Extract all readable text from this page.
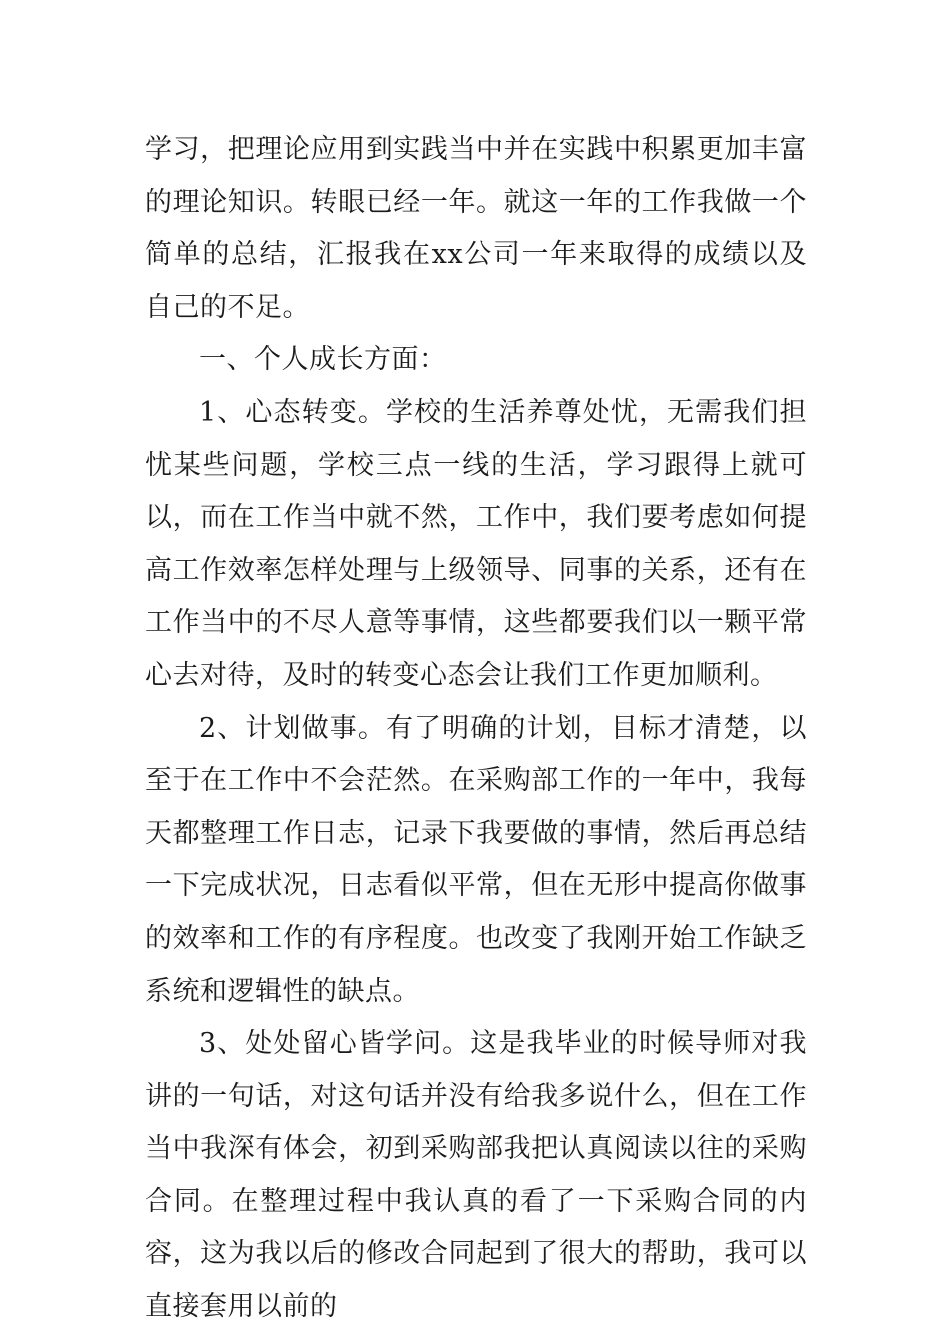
学习，把理论应用到实践当中并在实践中积累更加丰富的理论知识。转眼已经一年。就这一年的工作我做一个简单的总结，汇报我在xx公司一年来取得的成绩以及自己的不足。

一、个人成长方面：

1、心态转变。学校的生活养尊处忧，无需我们担忧某些问题，学校三点一线的生活，学习跟得上就可以，而在工作当中就不然，工作中，我们要考虑如何提高工作效率怎样处理与上级领导、同事的关系，还有在工作当中的不尽人意等事情，这些都要我们以一颗平常心去对待，及时的转变心态会让我们工作更加顺利。

2、计划做事。有了明确的计划，目标才清楚，以至于在工作中不会茫然。在采购部工作的一年中，我每天都整理工作日志，记录下我要做的事情，然后再总结一下完成状况，日志看似平常，但在无形中提高你做事的效率和工作的有序程度。也改变了我刚开始工作缺乏系统和逻辑性的缺点。

3、处处留心皆学问。这是我毕业的时候导师对我讲的一句话，对这句话并没有给我多说什么，但在工作当中我深有体会，初到采购部我把认真阅读以往的采购合同。在整理过程中我认真的看了一下采购合同的内容，这为我以后的修改合同起到了很大的帮助，我可以直接套用以前的
